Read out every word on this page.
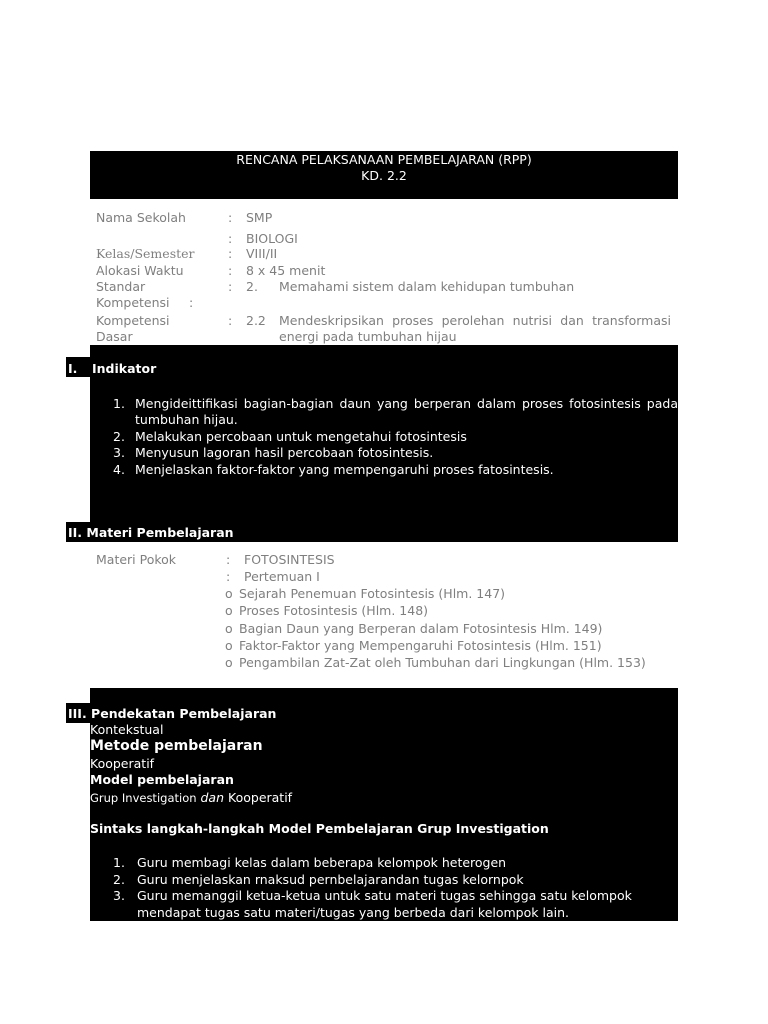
RENCANA PELAKSANAAN PEMBELAJARAN (RPP)
KD. 2.2
Nama Sekolah	: SMP
: BIOLOGI
Kelas/Semester	: VIII/II
Alokasi Waktu	: 8 x 45 menit
Standar	: 2. Memahami sistem dalam kehidupan tumbuhan
Kompetensi :
Kompetensi	: 2.2 Mendeskripsikan proses perolehan nutrisi dan transformasi
Dasar	energi pada tumbuhan hijau
I. Indikator
1. Mengideittifikasi bagian-bagian daun yang berperan dalam proses fotosintesis pada
tumbuhan hijau.
2. Melakukan percobaan untuk mengetahui fotosintesis
3. Menyusun lagoran hasil percobaan fotosintesis.
4. Menjelaskan faktor-faktor yang mempengaruhi proses fatosintesis.
II. Materi Pembelajaran
Materi Pokok	: FOTOSINTESIS
: Pertemuan I
o Sejarah Penemuan Fotosintesis (Hlm. 147)
o Proses Fotosintesis (Hlm. 148)
o Bagian Daun yang Berperan dalam Fotosintesis Hlm. 149)
o Faktor-Faktor yang Mempengaruhi Fotosintesis (Hlm. 151)
o Pengambilan Zat-Zat oleh Tumbuhan dari Lingkungan (Hlm. 153)
III. Pendekatan Pembelajaran
Kontekstual
Metode pembelajaran
Kooperatif
Model pembelajaran
Grup Investigation dan Kooperatif
Sintaks langkah-langkah Model Pembelajaran Grup Investigation
1. Guru membagi kelas dalam beberapa kelompok heterogen
2. Guru menjelaskan rnaksud pernbelajarandan tugas kelornpok
3. Guru memanggil ketua-ketua untuk satu materi tugas sehingga satu kelompok
mendapat tugas satu materi/tugas yang berbeda dari kelompok lain.
